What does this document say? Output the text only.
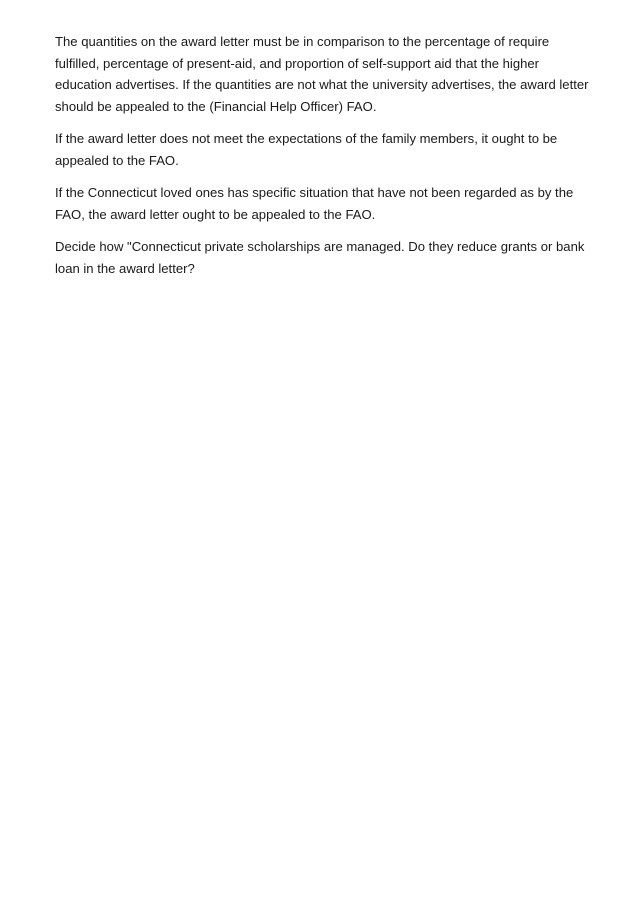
The quantities on the award letter must be in comparison to the percentage of require
fulfilled, percentage of present-aid, and proportion of self-support aid that the higher
education advertises. If the quantities are not what the university advertises, the award letter
should be appealed to the (Financial Help Officer) FAO.

If the award letter does not meet the expectations of the family members, it ought to be
appealed to the FAO.

If the Connecticut loved ones has specific situation that have not been regarded as by the
FAO, the award letter ought to be appealed to the FAO.

Decide how "Connecticut private scholarships are managed. Do they reduce grants or bank
loan in the award letter?
